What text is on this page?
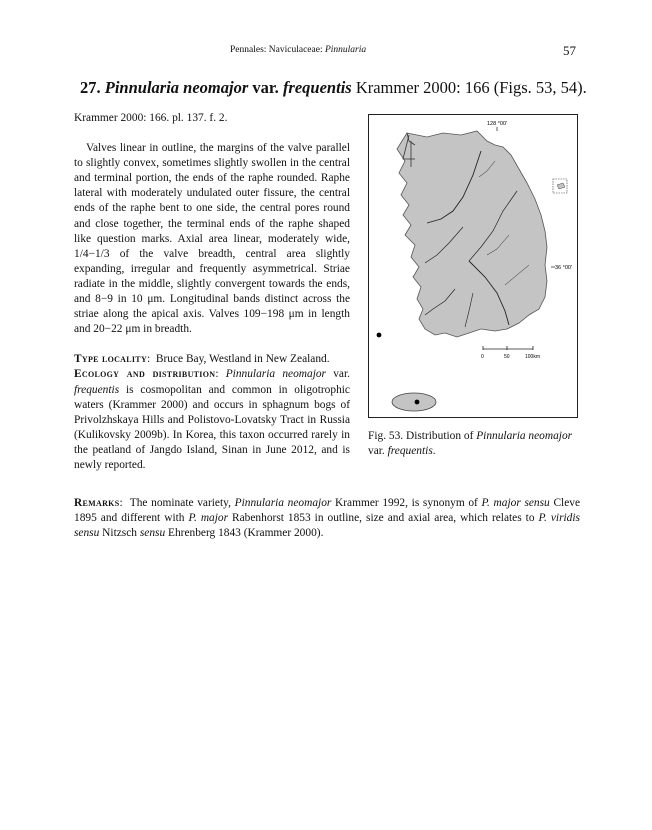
Pennales: Naviculaceae: Pinnularia	57
27. Pinnularia neomajor var. frequentis Krammer 2000: 166 (Figs. 53, 54).

Krammer 2000: 166. pl. 137. f. 2.

Valves linear in outline, the margins of the valve parallel to slightly convex, sometimes slightly swollen in the central and terminal portion, the ends of the raphe rounded. Raphe lateral with moderately undulated outer fissure, the central ends of the raphe bent to one side, the central pores round and close together, the terminal ends of the raphe shaped like question marks. Axial area linear, moderately wide, 1/4−1/3 of the valve breadth, central area slightly expanding, irregular and frequently asymmetrical. Striae radiate in the middle, slightly convergent towards the ends, and 8−9 in 10 μm. Longitudinal bands distinct across the striae along the apical axis. Valves 109−198 μm in length and 20−22 μm in breadth.

Type locality:  Bruce Bay, Westland in New Zealand.

Ecology and distribution: Pinnularia neomajor var. frequentis is cosmopolitan and common in oligotrophic waters (Krammer 2000) and occurs in sphagnum bogs of Privolzhskaya Hills and Polistovo-Lovatsky Tract in Russia (Kulikovsky 2009b). In Korea, this taxon occurred rarely in the peatland of Jangdo Island, Sinan in June 2012, and is newly reported.

128 °00'
36 °00'
0	50	100km
Fig. 53. Distribution of Pinnularia neomajor var. frequentis.
Remarks:  The nominate variety, Pinnularia neomajor Krammer 1992, is synonym of P. major sensu Cleve 1895 and different with P. major Rabenhorst 1853 in outline, size and axial area, which relates to P. viridis sensu Nitzsch sensu Ehrenberg 1843 (Krammer 2000).
